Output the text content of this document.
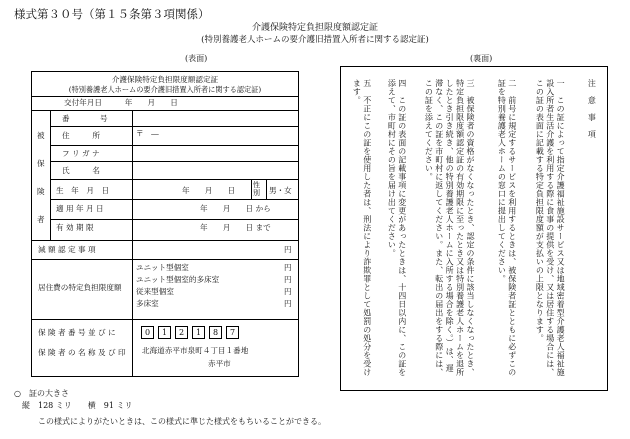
様式第３０号（第１５条第３項関係）
介護保険特定負担限度額認定証
(特別養護老人ホームの要介護旧措置入所者に関する認定証)
(表面)	(裏面)
介護保険特定負担限度額認定証
(特別養護老人ホームの要介護旧措置入所者に関する認定証)
交付年月日　　　年　　月　　日
被
保
険
者
番　　　　号
住　　　所	〒　―
フ リ ガ ナ
氏　　　名
生　年　月　日	年　　月　　日
性別	男・女
適 用 年 月 日	年　　月　　日 から
有 効 期 限	年　　月　　日 まで
減 額 認 定 事 項	円
居住費の特定負担限度額
ユニット型個室	円
ユニット型個室的多床室	円
従来型個室	円
多床室	円
保 険 者 番 号 並 び に
保 険 者 の 名 称 及 び 印
0	1	2	1	8	7
北海道赤平市泉町４丁目１番地
赤平市
注　意　事　項
一　この証によって指定介護福祉施設サービス又は地域密着型介護老人福祉施設入所者生活介護を利用する際に食事の提供を受け、又は居住する場合には、この証の表面に記載する特定負担限度額が支払いの上限となります。
二　前号に規定するサービスを利用するときは、被保険者証とともに必ずこの証を特別養護老人ホームの窓口に提出してください。
三　被保険者の資格がなくなったとき、認定の条件に該当しなくなったとき、特定負担限度額認定証の有効期限に至ったとき又は特別養護老人ホームを退所したとき引き続き、他の特別養護老人ホームに入所する場合を除く。）は、遅滞なく、この証を市町村に返してください。また、転出の届出をする際には、この証を添えてください。
四　この証の表面の記載事項に変更があったときは、十四日以内に、この証を添えて、市町村にその旨を届け出てください。
五　不正にこの証を使用した者は、刑法により詐欺罪として処罰の処分を受けます。
○　証の大きさ
縦　128 ミリ　　横　91 ミリ
この様式によりがたいときは、この様式に準じた様式をもちいることができる。
